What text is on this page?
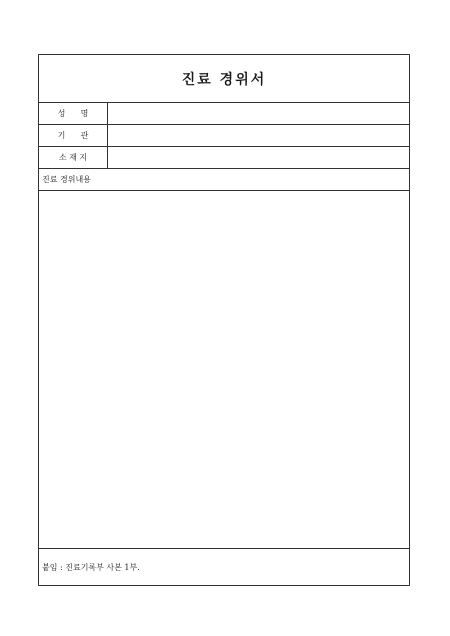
진료 경위서
성      명
기      관
소 재 지
진료 경위내용
붙임 : 진료기록부 사본 1부.
